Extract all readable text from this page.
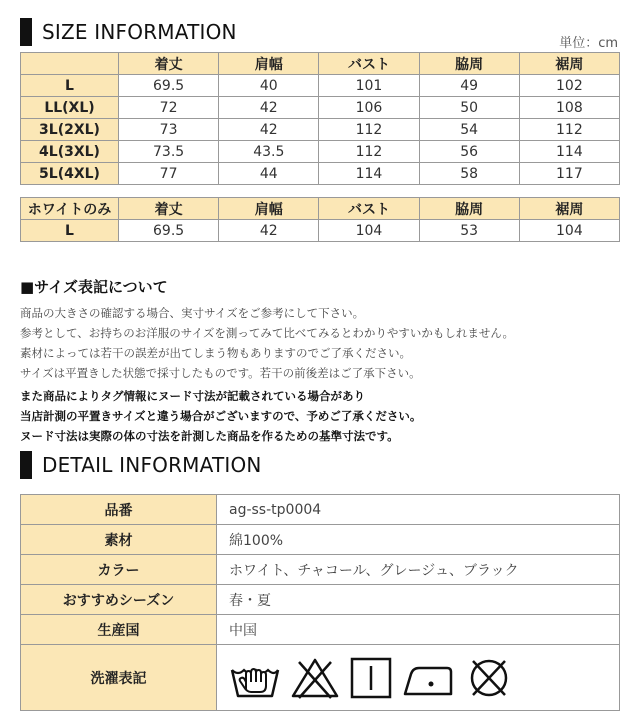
SIZE INFORMATION	単位：cm
	着丈	肩幅	バスト	脇周	裾周
L	69.5	40	101	49	102
LL(XL)	72	42	106	50	108
3L(2XL)	73	42	112	54	112
4L(3XL)	73.5	43.5	112	56	114
5L(4XL)	77	44	114	58	117
ホワイトのみ	着丈	肩幅	バスト	脇周	裾周
L	69.5	42	104	53	104
■サイズ表記について
商品の大きさの確認する場合、実寸サイズをご参考にして下さい。
参考として、お持ちのお洋服のサイズを測ってみて比べてみるとわかりやすいかもしれません。
素材によっては若干の誤差が出てしまう物もありますのでご了承ください。
サイズは平置きした状態で採寸したものです。若干の前後差はご了承下さい。
また商品によりタグ情報にヌード寸法が記載されている場合があり
当店計測の平置きサイズと違う場合がございますので、予めご了承ください。
ヌード寸法は実際の体の寸法を計測した商品を作るための基準寸法です。
DETAIL INFORMATION
品番	ag-ss-tp0004
素材	綿100%
カラー	ホワイト、チャコール、グレージュ、ブラック
おすすめシーズン	春・夏
生産国	中国
洗濯表記	
